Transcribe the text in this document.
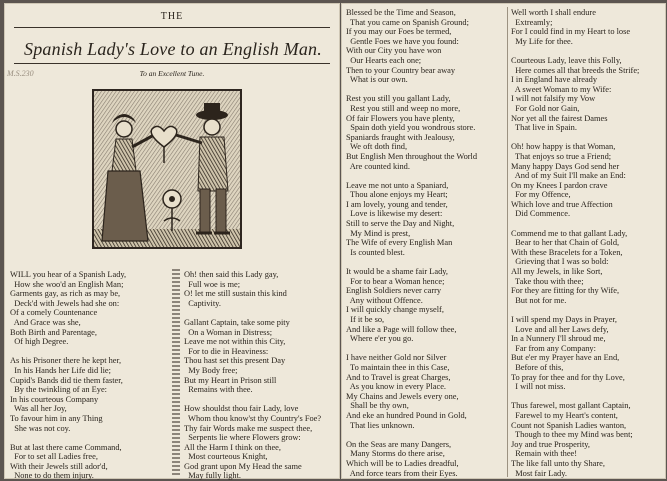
THE
Spanish Lady's Love to an English Man.
M.S.230	To an Excellent Tune.
WILL you hear of a Spanish Lady,
How she woo'd an English Man;
Garments gay, as rich as may be,
Deck'd with Jewels had she on:
Of a comely Countenance
And Grace was she,
Both Birth and Parentage,
Of high Degree.

As his Prisoner there he kept her,
In his Hands her Life did lie;
Cupid's Bands did tie them faster,
By the twinkling of an Eye:
In his courteous Company
Was all her Joy,
To favour him in any Thing
She was not coy.

But at last there came Command,
For to set all Ladies free,
With their Jewels still ador'd,
None to do them injury.
Oh! then said this Lady gay,
Full woe is me;
O! let me still sustain this kind
Captivity.

Gallant Captain, take some pity
On a Woman in Distress;
Leave me not within this City,
For to die in Heaviness:
Thou hast set this present Day
My Body free;
But my Heart in Prison still
Remains with thee.

How shouldst thou fair Lady, love
Whom thou know'st thy Country's Foe?
Thy fair Words make me suspect thee,
Serpents lie where Flowers grow:
All the Harm I think on thee,
Most courteous Knight,
God grant upon My Head the same
May fully light.
Blessed be the Time and Season,
That you came on Spanish Ground;
If you may our Foes be termed,
Gentle Foes we have you found:
With our City you have won
Our Hearts each one;
Then to your Country bear away
What is our own.

Rest you still you gallant Lady,
Rest you still and weep no more,
Of fair Flowers you have plenty,
Spain doth yield you wondrous store.
Spaniards fraught with Jealousy,
We oft doth find,
But English Men throughout the World
Are counted kind.

Leave me not unto a Spaniard,
Thou alone enjoys my Heart;
I am lovely, young and tender,
Love is likewise my desert:
Still to serve the Day and Night,
My Mind is prest,
The Wife of every English Man
Is counted blest.

It would be a shame fair Lady,
For to bear a Woman hence;
English Soldiers never carry
Any without Offence.
I will quickly change myself,
If it be so,
And like a Page will follow thee,
Where e'er you go.

I have neither Gold nor Silver
To maintain thee in this Case,
And to Travel is great Charges,
As you know in every Place.
My Chains and Jewels every one,
Shall be thy own,
And eke an hundred Pound in Gold,
That lies unknown.

On the Seas are many Dangers,
Many Storms do there arise,
Which will be to Ladies dreadful,
And force tears from their Eyes.
Well worth I shall endure
Extreamly;
For I could find in my Heart to lose
My Life for thee.

Courteous Lady, leave this Folly,
Here comes all that breeds the Strife;
I in England have already
A sweet Woman to my Wife:
I will not falsify my Vow
For Gold nor Gain,
Nor yet all the fairest Dames
That live in Spain.

Oh! how happy is that Woman,
That enjoys so true a Friend;
Many happy Days God send her
And of my Suit I'll make an End:
On my Knees I pardon crave
For my Offence,
Which love and true Affection
Did Commence.

Commend me to that gallant Lady,
Bear to her that Chain of Gold,
With these Bracelets for a Token,
Grieving that I was so bold:
All my Jewels, in like Sort,
Take thou with thee;
For they are fitting for thy Wife,
But not for me.

I will spend my Days in Prayer,
Love and all her Laws defy,
In a Nunnery I'll shroud me,
Far from any Company:
But e'er my Prayer have an End,
Before of this,
To pray for thee and for thy Love,
I will not miss.

Thus farewel, most gallant Captain,
Farewel to my Heart's content,
Count not Spanish Ladies wanton,
Though to thee my Mind was bent;
Joy and true Prosperity,
Remain with thee!
The like fall unto thy Share,
Most fair Lady.
